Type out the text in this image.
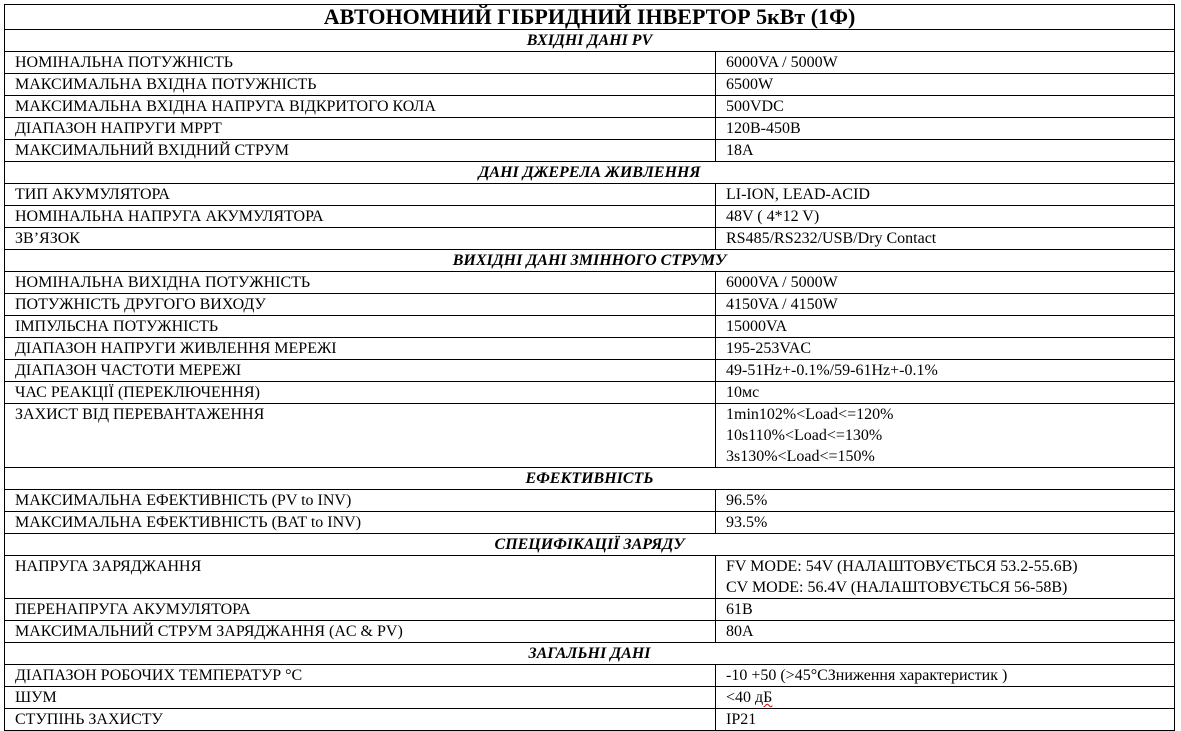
АВТОНОМНИЙ ГІБРИДНИЙ ІНВЕРТОР 5кВт (1Ф)	
ВХІДНІ ДАНІ PV	
НОМІНАЛЬНА ПОТУЖНІСТЬ	6000VA / 5000W

МАКСИМАЛЬНА ВХІДНА ПОТУЖНІСТЬ	6500W

МАКСИМАЛЬНА ВХІДНА НАПРУГА ВІДКРИТОГО КОЛА	500VDC

ДІАПАЗОН НАПРУГИ MPPT	120В-450В

МАКСИМАЛЬНИЙ ВХІДНИЙ СТРУМ	18А

ДАНІ ДЖЕРЕЛА ЖИВЛЕННЯ	
ТИП АКУМУЛЯТОРА	LI-ION, LEAD-ACID

НОМІНАЛЬНА НАПРУГА АКУМУЛЯТОРА	48V ( 4*12 V)

ЗВ’ЯЗОК	RS485/RS232/USB/Dry Contact

ВИХІДНІ ДАНІ ЗМІННОГО СТРУМУ	
НОМІНАЛЬНА ВИХІДНА ПОТУЖНІСТЬ	6000VA / 5000W

ПОТУЖНІСТЬ ДРУГОГО ВИХОДУ	4150VA / 4150W

ІМПУЛЬСНА ПОТУЖНІСТЬ	15000VA

ДІАПАЗОН НАПРУГИ ЖИВЛЕННЯ МЕРЕЖІ	195-253VAC

ДІАПАЗОН ЧАСТОТИ МЕРЕЖІ	49-51Hz+-0.1%/59-61Hz+-0.1%

ЧАС РЕАКЦІЇ (ПЕРЕКЛЮЧЕННЯ)	10мс

ЗАХИСТ ВІД ПЕРЕВАНТАЖЕННЯ	1min102%<Load<=120%
10s110%<Load<=130%
3s130%<Load<=150%

ЕФЕКТИВНІСТЬ	
МАКСИМАЛЬНА ЕФЕКТИВНІСТЬ (PV to INV)	96.5%

МАКСИМАЛЬНА ЕФЕКТИВНІСТЬ (BAT to INV)	93.5%

СПЕЦИФІКАЦІЇ ЗАРЯДУ	
НАПРУГА ЗАРЯДЖАННЯ	FV MODE: 54V (НАЛАШТОВУЄТЬСЯ 53.2-55.6В)
CV MODE: 56.4V (НАЛАШТОВУЄТЬСЯ 56-58В)

ПЕРЕНАПРУГА АКУМУЛЯТОРА	61В

МАКСИМАЛЬНИЙ СТРУМ ЗАРЯДЖАННЯ (AC & PV)	80А

ЗАГАЛЬНІ ДАНІ	
ДІАПАЗОН РОБОЧИХ ТЕМПЕРАТУР °С	-10 +50 (>45°CЗниження характеристик )

ШУМ	<40 дБ

СТУПІНЬ ЗАХИСТУ	IP21
